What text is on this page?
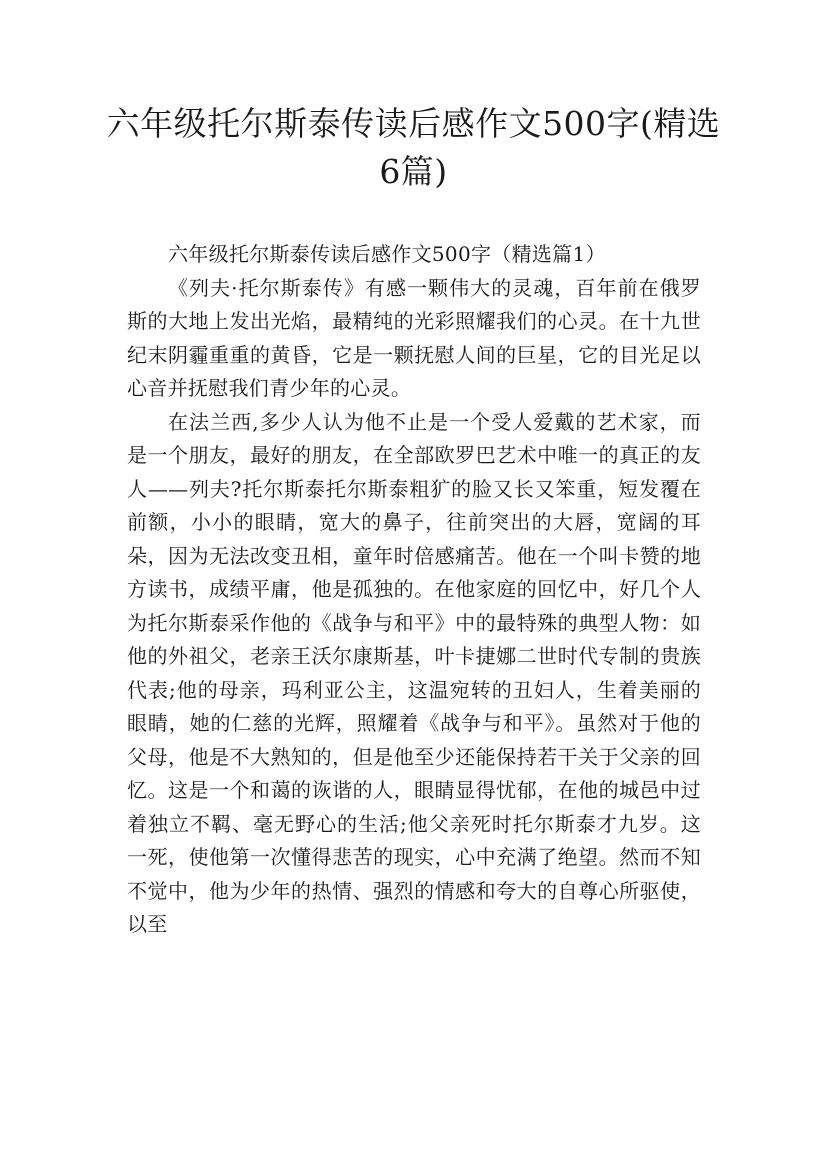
六年级托尔斯泰传读后感作文500字(精选6篇)

六年级托尔斯泰传读后感作文500字（精选篇1）

《列夫·托尔斯泰传》有感一颗伟大的灵魂，百年前在俄罗斯的大地上发出光焰，最精纯的光彩照耀我们的心灵。在十九世纪末阴霾重重的黄昏，它是一颗抚慰人间的巨星，它的目光足以心音并抚慰我们青少年的心灵。

在法兰西,多少人认为他不止是一个受人爱戴的艺术家，而是一个朋友，最好的朋友，在全部欧罗巴艺术中唯一的真正的友人——列夫?托尔斯泰托尔斯泰粗犷的脸又长又笨重，短发覆在前额，小小的眼睛，宽大的鼻子，往前突出的大唇，宽阔的耳朵，因为无法改变丑相，童年时倍感痛苦。他在一个叫卡赞的地方读书，成绩平庸，他是孤独的。在他家庭的回忆中，好几个人为托尔斯泰采作他的《战争与和平》中的最特殊的典型人物：如他的外祖父，老亲王沃尔康斯基，叶卡捷娜二世时代专制的贵族代表;他的母亲，玛利亚公主，这温宛转的丑妇人，生着美丽的眼睛，她的仁慈的光辉，照耀着《战争与和平》。虽然对于他的父母，他是不大熟知的，但是他至少还能保持若干关于父亲的回忆。这是一个和蔼的诙谐的人，眼睛显得忧郁，在他的城邑中过着独立不羁、毫无野心的生活;他父亲死时托尔斯泰才九岁。这一死，使他第一次懂得悲苦的现实，心中充满了绝望。然而不知不觉中，他为少年的热情、强烈的情感和夸大的自尊心所驱使，以至
